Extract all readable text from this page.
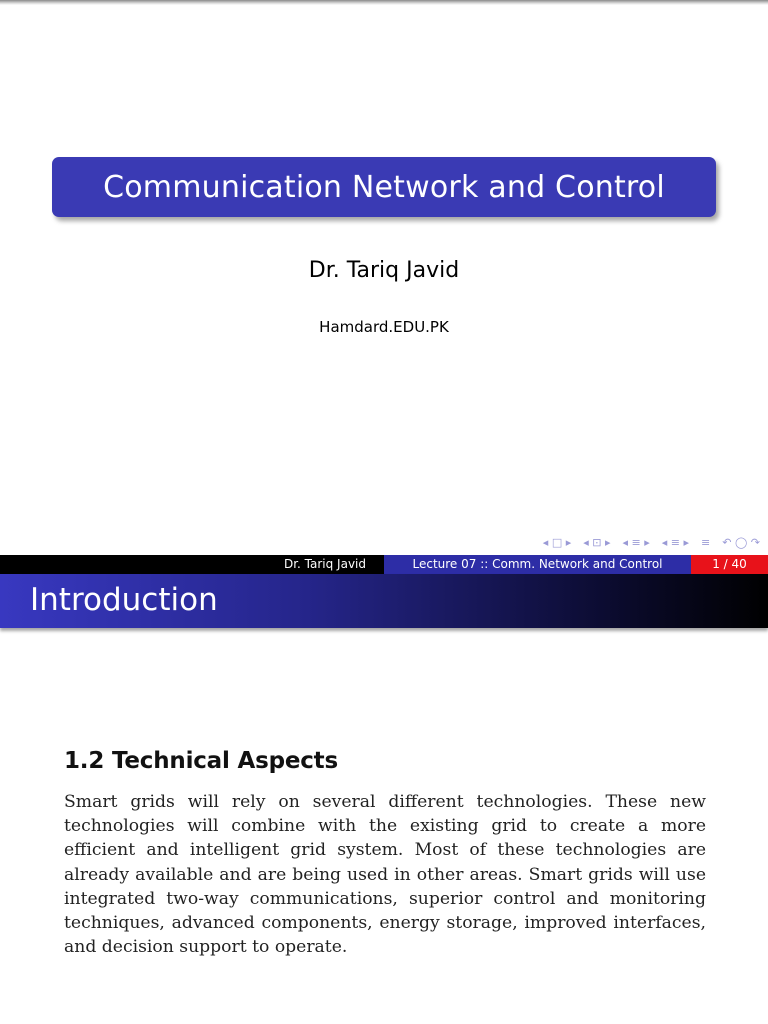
Communication Network and Control
Dr. Tariq Javid
Hamdard.EDU.PK
◂ □ ▸ ◂ ⊡ ▸ ◂ ≡ ▸ ◂ ≡ ▸ ≡ ↶ ◯ ↷
Dr. Tariq Javid	Lecture 07 :: Comm. Network and Control	1 / 40
Introduction
1.2 Technical Aspects

Smart grids will rely on several different technologies. These new technologies will combine with the existing grid to create a more efficient and intelligent grid system. Most of these technologies are already available and are being used in other areas. Smart grids will use integrated two-way communications, superior control and monitoring techniques, advanced components, energy storage, improved interfaces, and decision support to operate.
